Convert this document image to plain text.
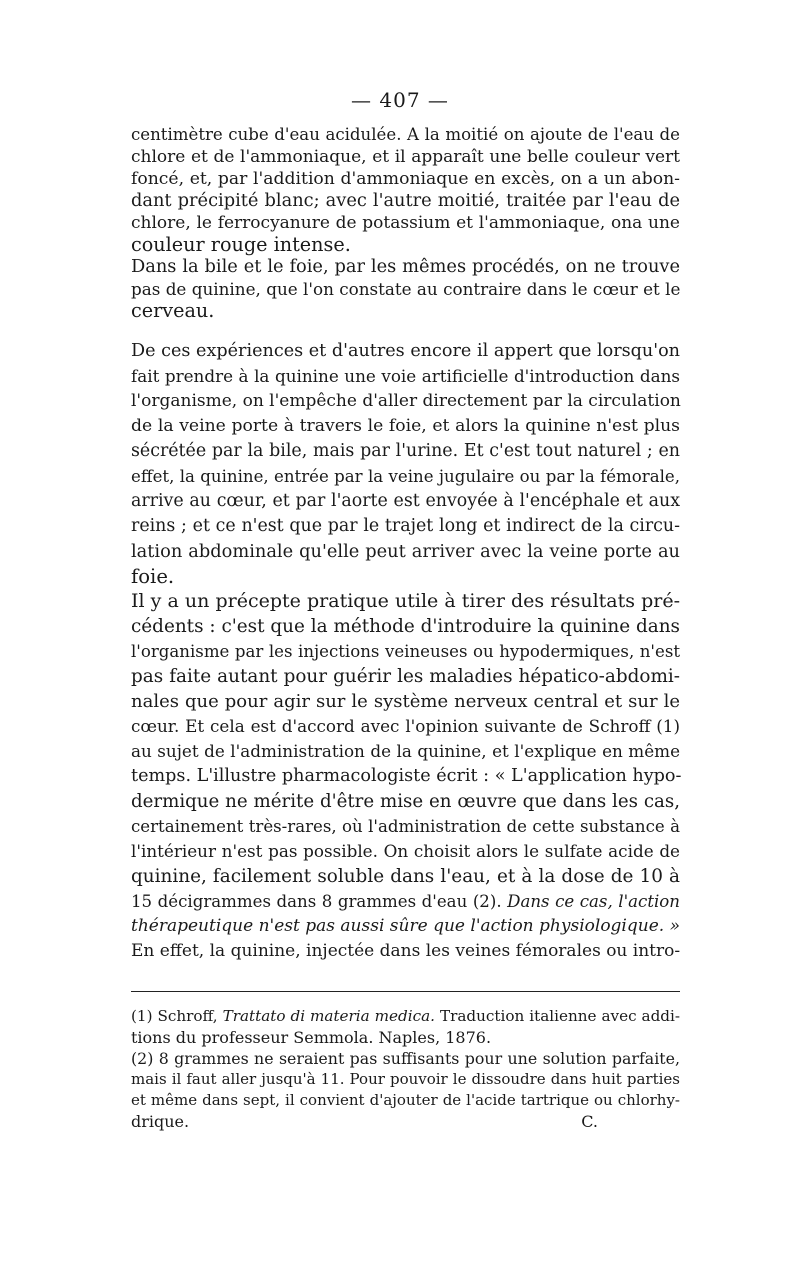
— 407 —
centimètre cube d'eau acidulée. A la moitié on ajoute de l'eau de
chlore et de l'ammoniaque, et il apparaît une belle couleur vert
foncé, et, par l'addition d'ammoniaque en excès, on a un abon-
dant précipité blanc; avec l'autre moitié, traitée par l'eau de
chlore, le ferrocyanure de potassium et l'ammoniaque, ona une
couleur rouge intense.
Dans la bile et le foie, par les mêmes procédés, on ne trouve
pas de quinine, que l'on constate au contraire dans le cœur et le
cerveau.
De ces expériences et d'autres encore il appert que lorsqu'on
fait prendre à la quinine une voie artificielle d'introduction dans
l'organisme, on l'empêche d'aller directement par la circulation
de la veine porte à travers le foie, et alors la quinine n'est plus
sécrétée par la bile, mais par l'urine. Et c'est tout naturel ; en
effet, la quinine, entrée par la veine jugulaire ou par la fémorale,
arrive au cœur, et par l'aorte est envoyée à l'encéphale et aux
reins ; et ce n'est que par le trajet long et indirect de la circu-
lation abdominale qu'elle peut arriver avec la veine porte au
foie.
Il y a un précepte pratique utile à tirer des résultats pré-
cédents : c'est que la méthode d'introduire la quinine dans
l'organisme par les injections veineuses ou hypodermiques, n'est
pas faite autant pour guérir les maladies hépatico-abdomi-
nales que pour agir sur le système nerveux central et sur le
cœur. Et cela est d'accord avec l'opinion suivante de Schroff (1)
au sujet de l'administration de la quinine, et l'explique en même
temps. L'illustre pharmacologiste écrit : « L'application hypo-
dermique ne mérite d'être mise en œuvre que dans les cas,
certainement très-rares, où l'administration de cette substance à
l'intérieur n'est pas possible. On choisit alors le sulfate acide de
quinine, facilement soluble dans l'eau, et à la dose de 10 à
15 décigrammes dans 8 grammes d'eau (2). Dans ce cas, l'action
thérapeutique n'est pas aussi sûre que l'action physiologique. »
En effet, la quinine, injectée dans les veines fémorales ou intro-
(1) Schroff, Trattato di materia medica. Traduction italienne avec addi-
tions du professeur Semmola. Naples, 1876.
(2) 8 grammes ne seraient pas suffisants pour une solution parfaite,
mais il faut aller jusqu'à 11. Pour pouvoir le dissoudre dans huit parties
et même dans sept, il convient d'ajouter de l'acide tartrique ou chlorhy-
drique.	C.
